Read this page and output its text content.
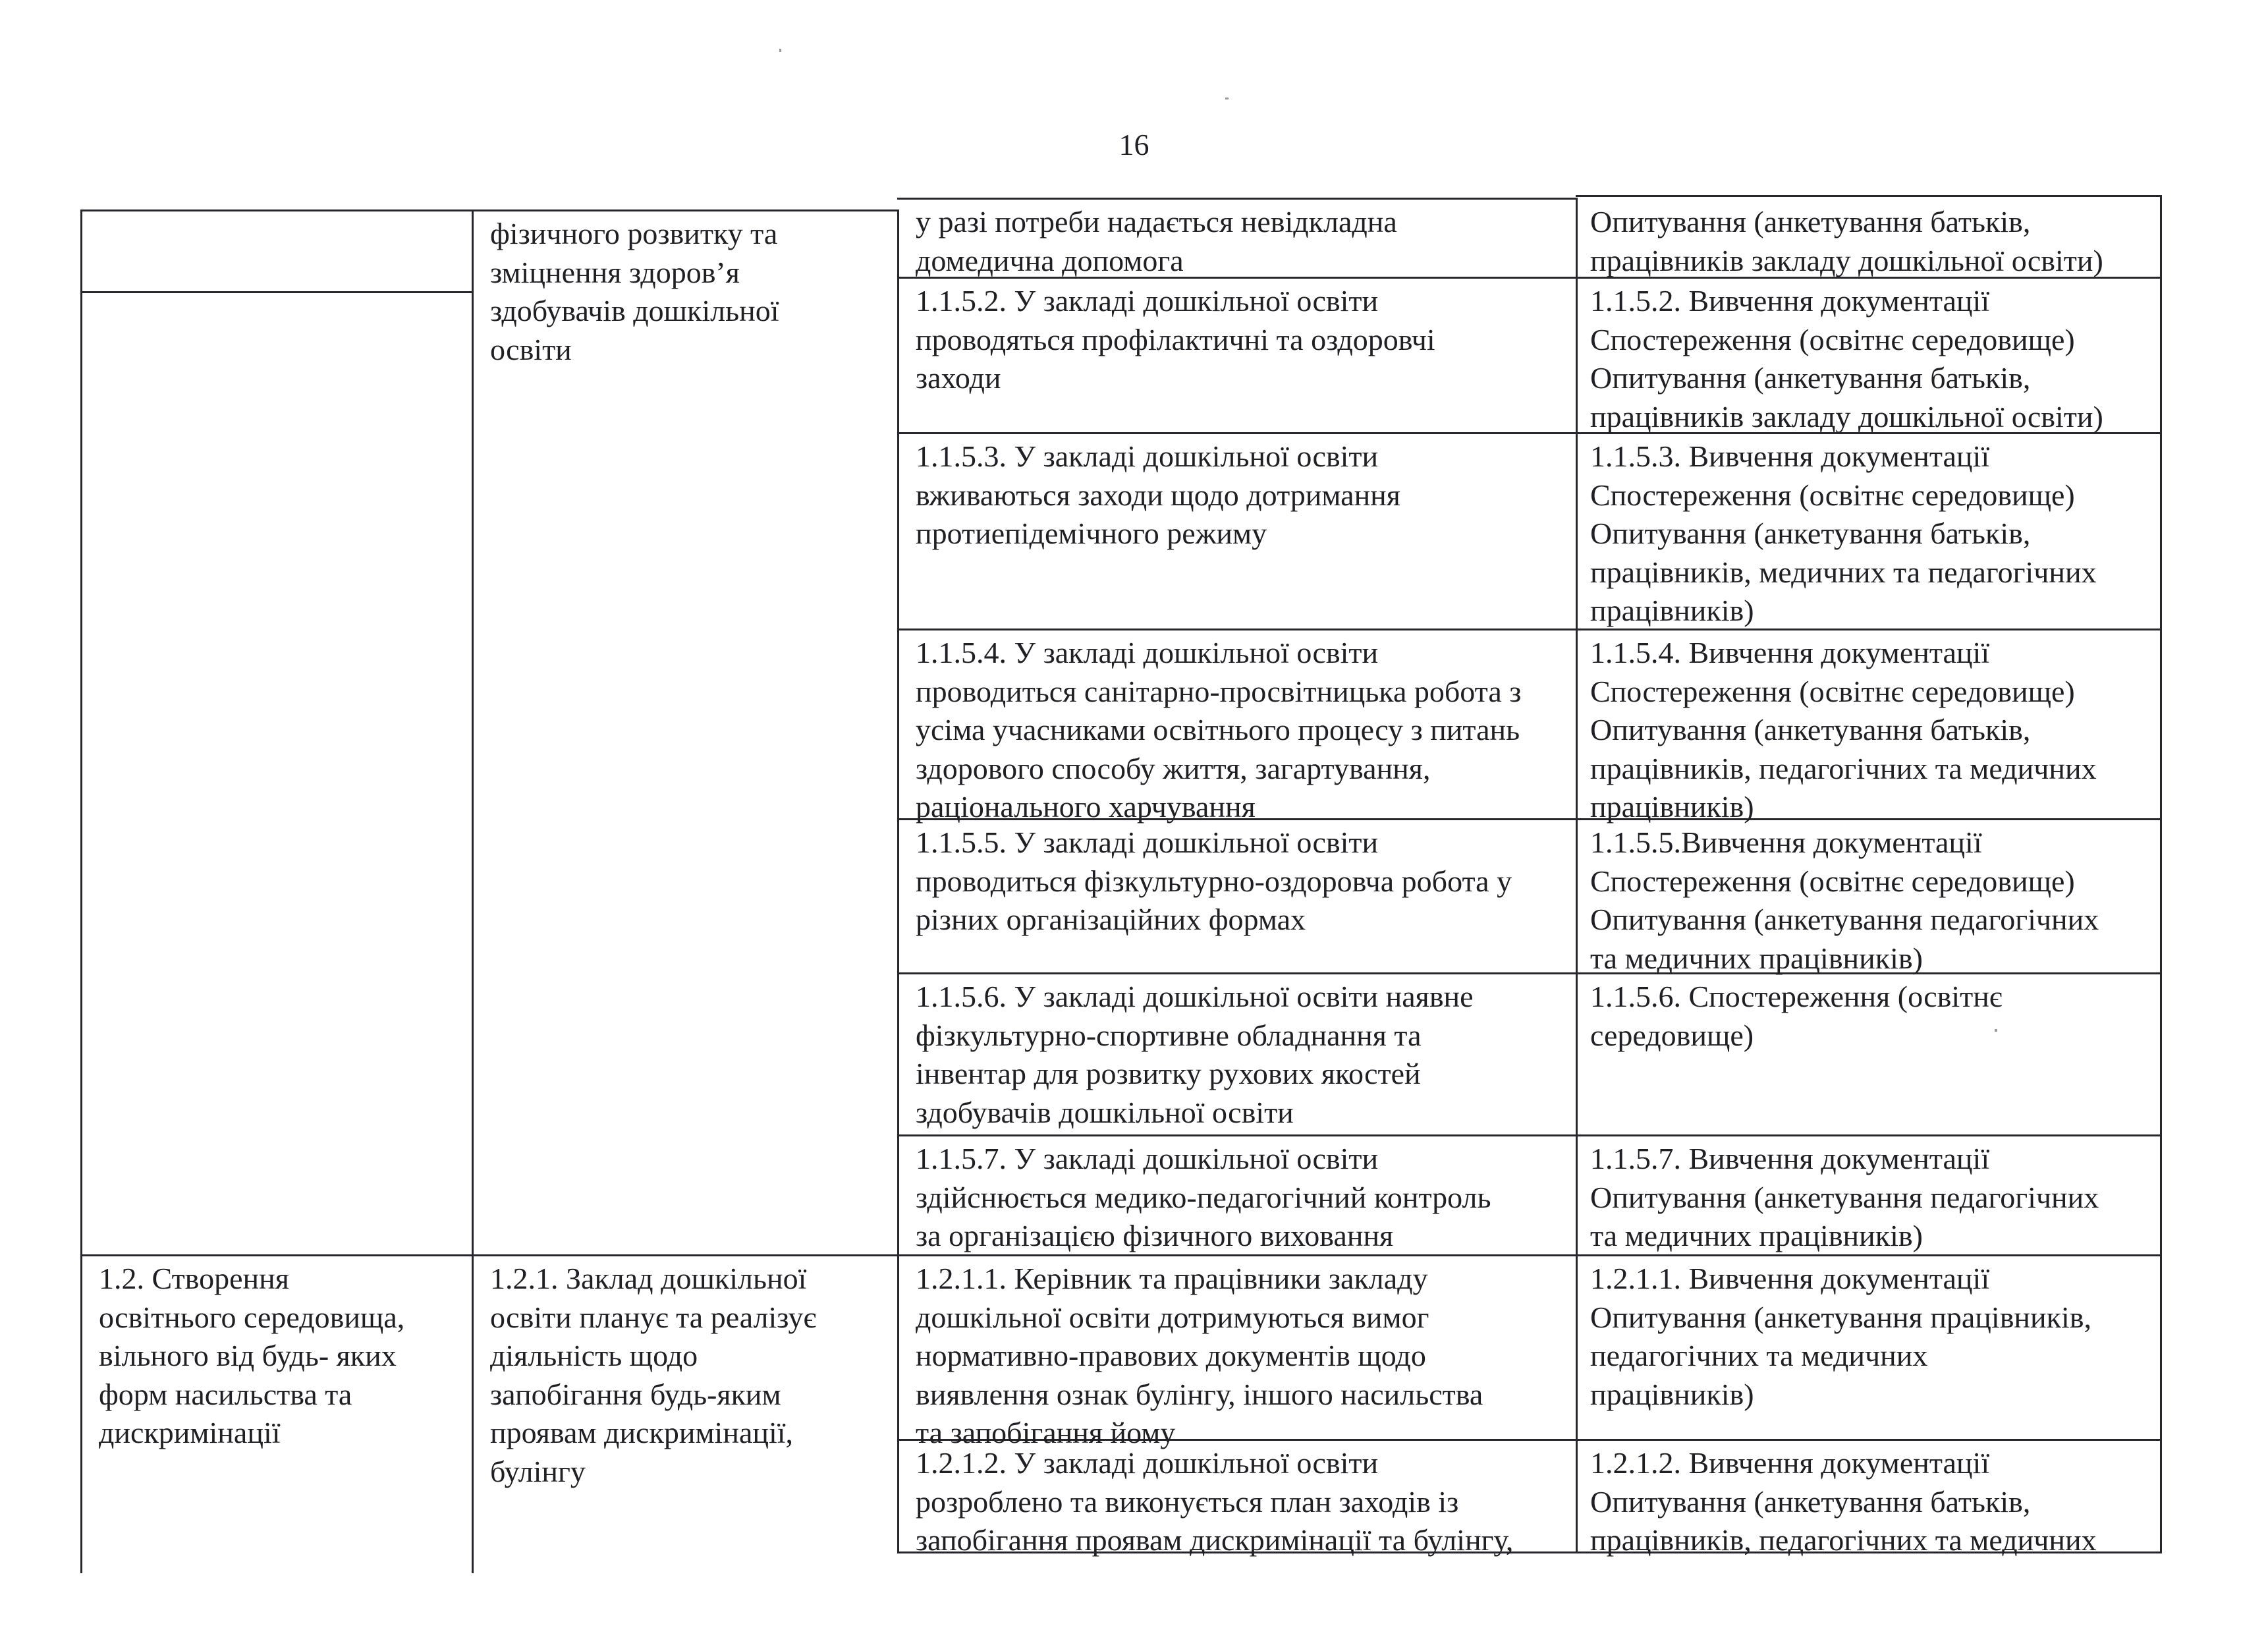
16
фізичного розвитку та
зміцнення здоров’я
здобувачів дошкільної
освіти
у разі потреби надається невідкладна
домедична допомога
Опитування (анкетування батьків,
працівників закладу дошкільної освіти)
1.1.5.2. У закладі дошкільної освіти
проводяться профілактичні та оздоровчі
заходи
1.1.5.2. Вивчення документації
Спостереження (освітнє середовище)
Опитування (анкетування батьків,
працівників закладу дошкільної освіти)
1.1.5.3. У закладі дошкільної освіти
вживаються заходи щодо дотримання
протиепідемічного режиму
1.1.5.3. Вивчення документації
Спостереження (освітнє середовище)
Опитування (анкетування батьків,
працівників, медичних та педагогічних
працівників)
1.1.5.4. У закладі дошкільної освіти
проводиться санітарно-просвітницька робота з
усіма учасниками освітнього процесу з питань
здорового способу життя, загартування,
раціонального харчування
1.1.5.4. Вивчення документації
Спостереження (освітнє середовище)
Опитування (анкетування батьків,
працівників, педагогічних та медичних
працівників)
1.1.5.5. У закладі дошкільної освіти
проводиться фізкультурно-оздоровча робота у
різних організаційних формах
1.1.5.5.Вивчення документації
Спостереження (освітнє середовище)
Опитування (анкетування педагогічних
та медичних працівників)
1.1.5.6. У закладі дошкільної освіти наявне
фізкультурно-спортивне обладнання та
інвентар для розвитку рухових якостей
здобувачів дошкільної освіти
1.1.5.6. Спостереження (освітнє
середовище)
1.1.5.7. У закладі дошкільної освіти
здійснюється медико-педагогічний контроль
за організацією фізичного виховання
1.1.5.7. Вивчення документації
Опитування (анкетування педагогічних
та медичних працівників)
1.2. Створення
освітнього середовища,
вільного від будь- яких
форм насильства та
дискримінації
1.2.1. Заклад дошкільної
освіти планує та реалізує
діяльність щодо
запобігання будь-яким
проявам дискримінації,
булінгу
1.2.1.1. Керівник та працівники закладу
дошкільної освіти дотримуються вимог
нормативно-правових документів щодо
виявлення ознак булінгу, іншого насильства
та запобігання йому
1.2.1.1. Вивчення документації
Опитування (анкетування працівників,
педагогічних та медичних
працівників)
1.2.1.2. У закладі дошкільної освіти
розроблено та виконується план заходів із
запобігання проявам дискримінації та булінгу,
1.2.1.2. Вивчення документації
Опитування (анкетування батьків,
працівників, педагогічних та медичних
